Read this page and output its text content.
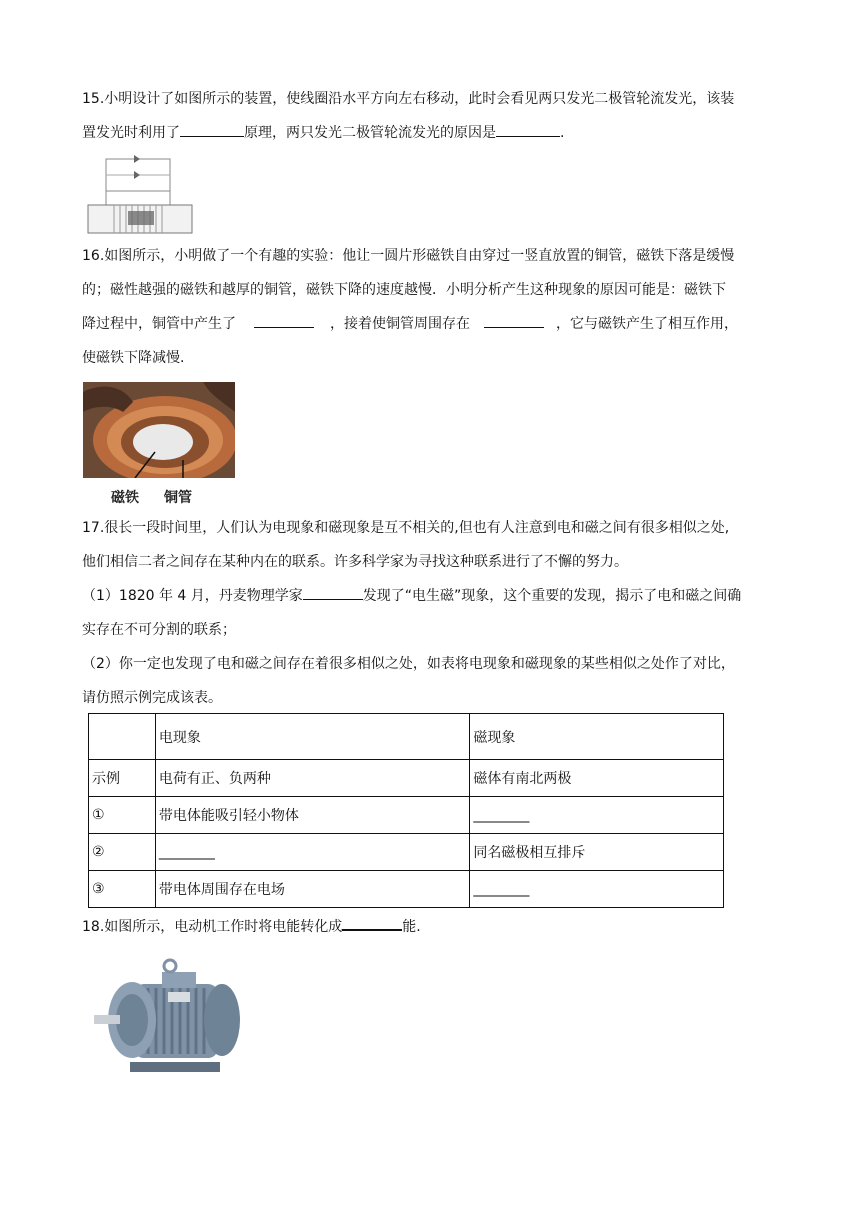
15.小明设计了如图所示的装置，使线圈沿水平方向左右移动，此时会看见两只发光二极管轮流发光，该装

置发光时利用了	原理，两只发光二极管轮流发光的原因是	.

16.如图所示，小明做了一个有趣的实验：他让一圆片形磁铁自由穿过一竖直放置的铜管，磁铁下落是缓慢

的；磁性越强的磁铁和越厚的铜管，磁铁下降的速度越慢．小明分析产生这种现象的原因可能是：磁铁下

降过程中，铜管中产生了	，接着使铜管周围存在	，它与磁铁产生了相互作用，

使磁铁下降减慢.

磁铁 铜管

17.很长一段时间里，人们认为电现象和磁现象是互不相关的,但也有人注意到电和磁之间有很多相似之处,

他们相信二者之间存在某种内在的联系。许多科学家为寻找这种联系进行了不懈的努力。

（1）1820 年 4 月，丹麦物理学家	发现了“电生磁”现象，这个重要的发现，揭示了电和磁之间确

实存在不可分割的联系；

（2）你一定也发现了电和磁之间存在着很多相似之处，如表将电现象和磁现象的某些相似之处作了对比，

请仿照示例完成该表。

	电现象	磁现象
示例	电荷有正、负两种	磁体有南北两极
①	带电体能吸引轻小物体	________
②	________	同名磁极相互排斥
③	带电体周围存在电场	________

18.如图所示，电动机工作时将电能转化成	能.
